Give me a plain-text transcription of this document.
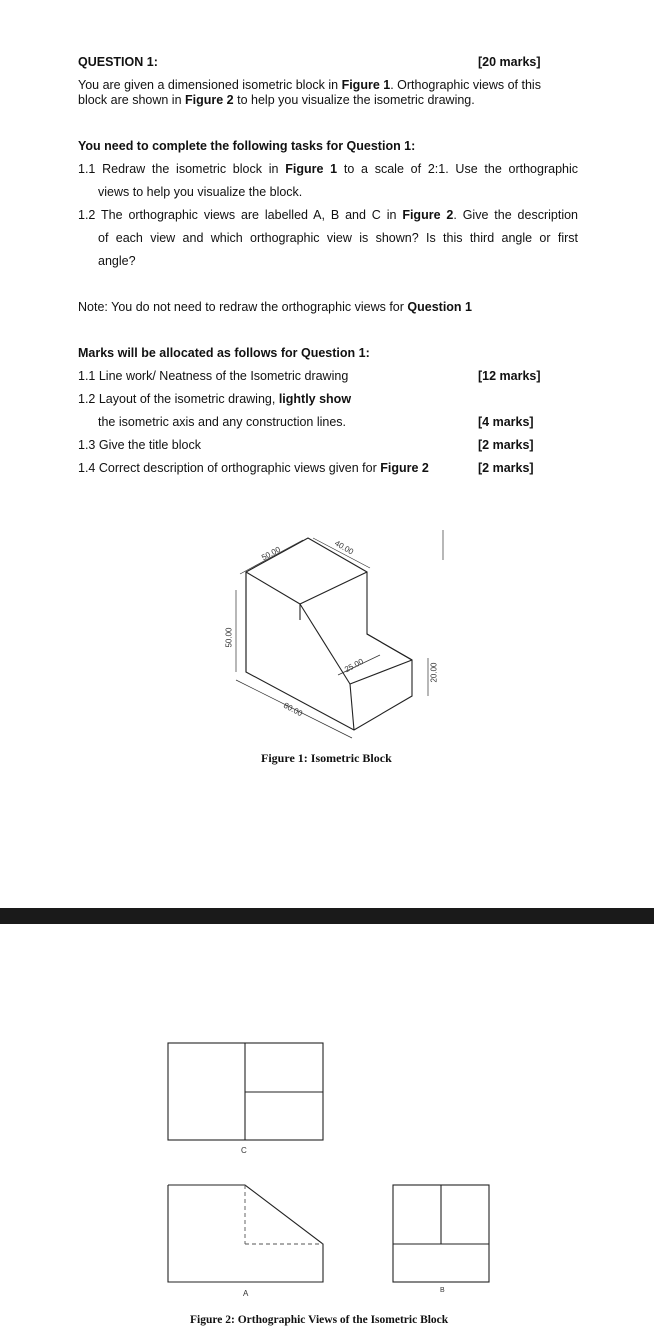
QUESTION 1:	[20 marks]
You are given a dimensioned isometric block in Figure 1. Orthographic views of this
block are shown in Figure 2 to help you visualize the isometric drawing.
You need to complete the following tasks for Question 1:
1.1 Redraw the isometric block in Figure 1 to a scale of 2:1. Use the orthographic
views to help you visualize the block.
1.2 The orthographic views are labelled A, B and C in Figure 2. Give the description
of each view and which orthographic view is shown? Is this third angle or first
angle?
Note: You do not need to redraw the orthographic views for Question 1
Marks will be allocated as follows for Question 1:
1.1 Line work/ Neatness of the Isometric drawing	[12 marks]
1.2 Layout of the isometric drawing, lightly show
the isometric axis and any construction lines.	[4 marks]
1.3 Give the title block	[2 marks]
1.4 Correct description of orthographic views given for Figure 2	[2 marks]
50.00	40.00
50.00
25.00	20.00
80.00
Figure 1: Isometric Block
C
A	B
Figure 2: Orthographic Views of the Isometric Block
